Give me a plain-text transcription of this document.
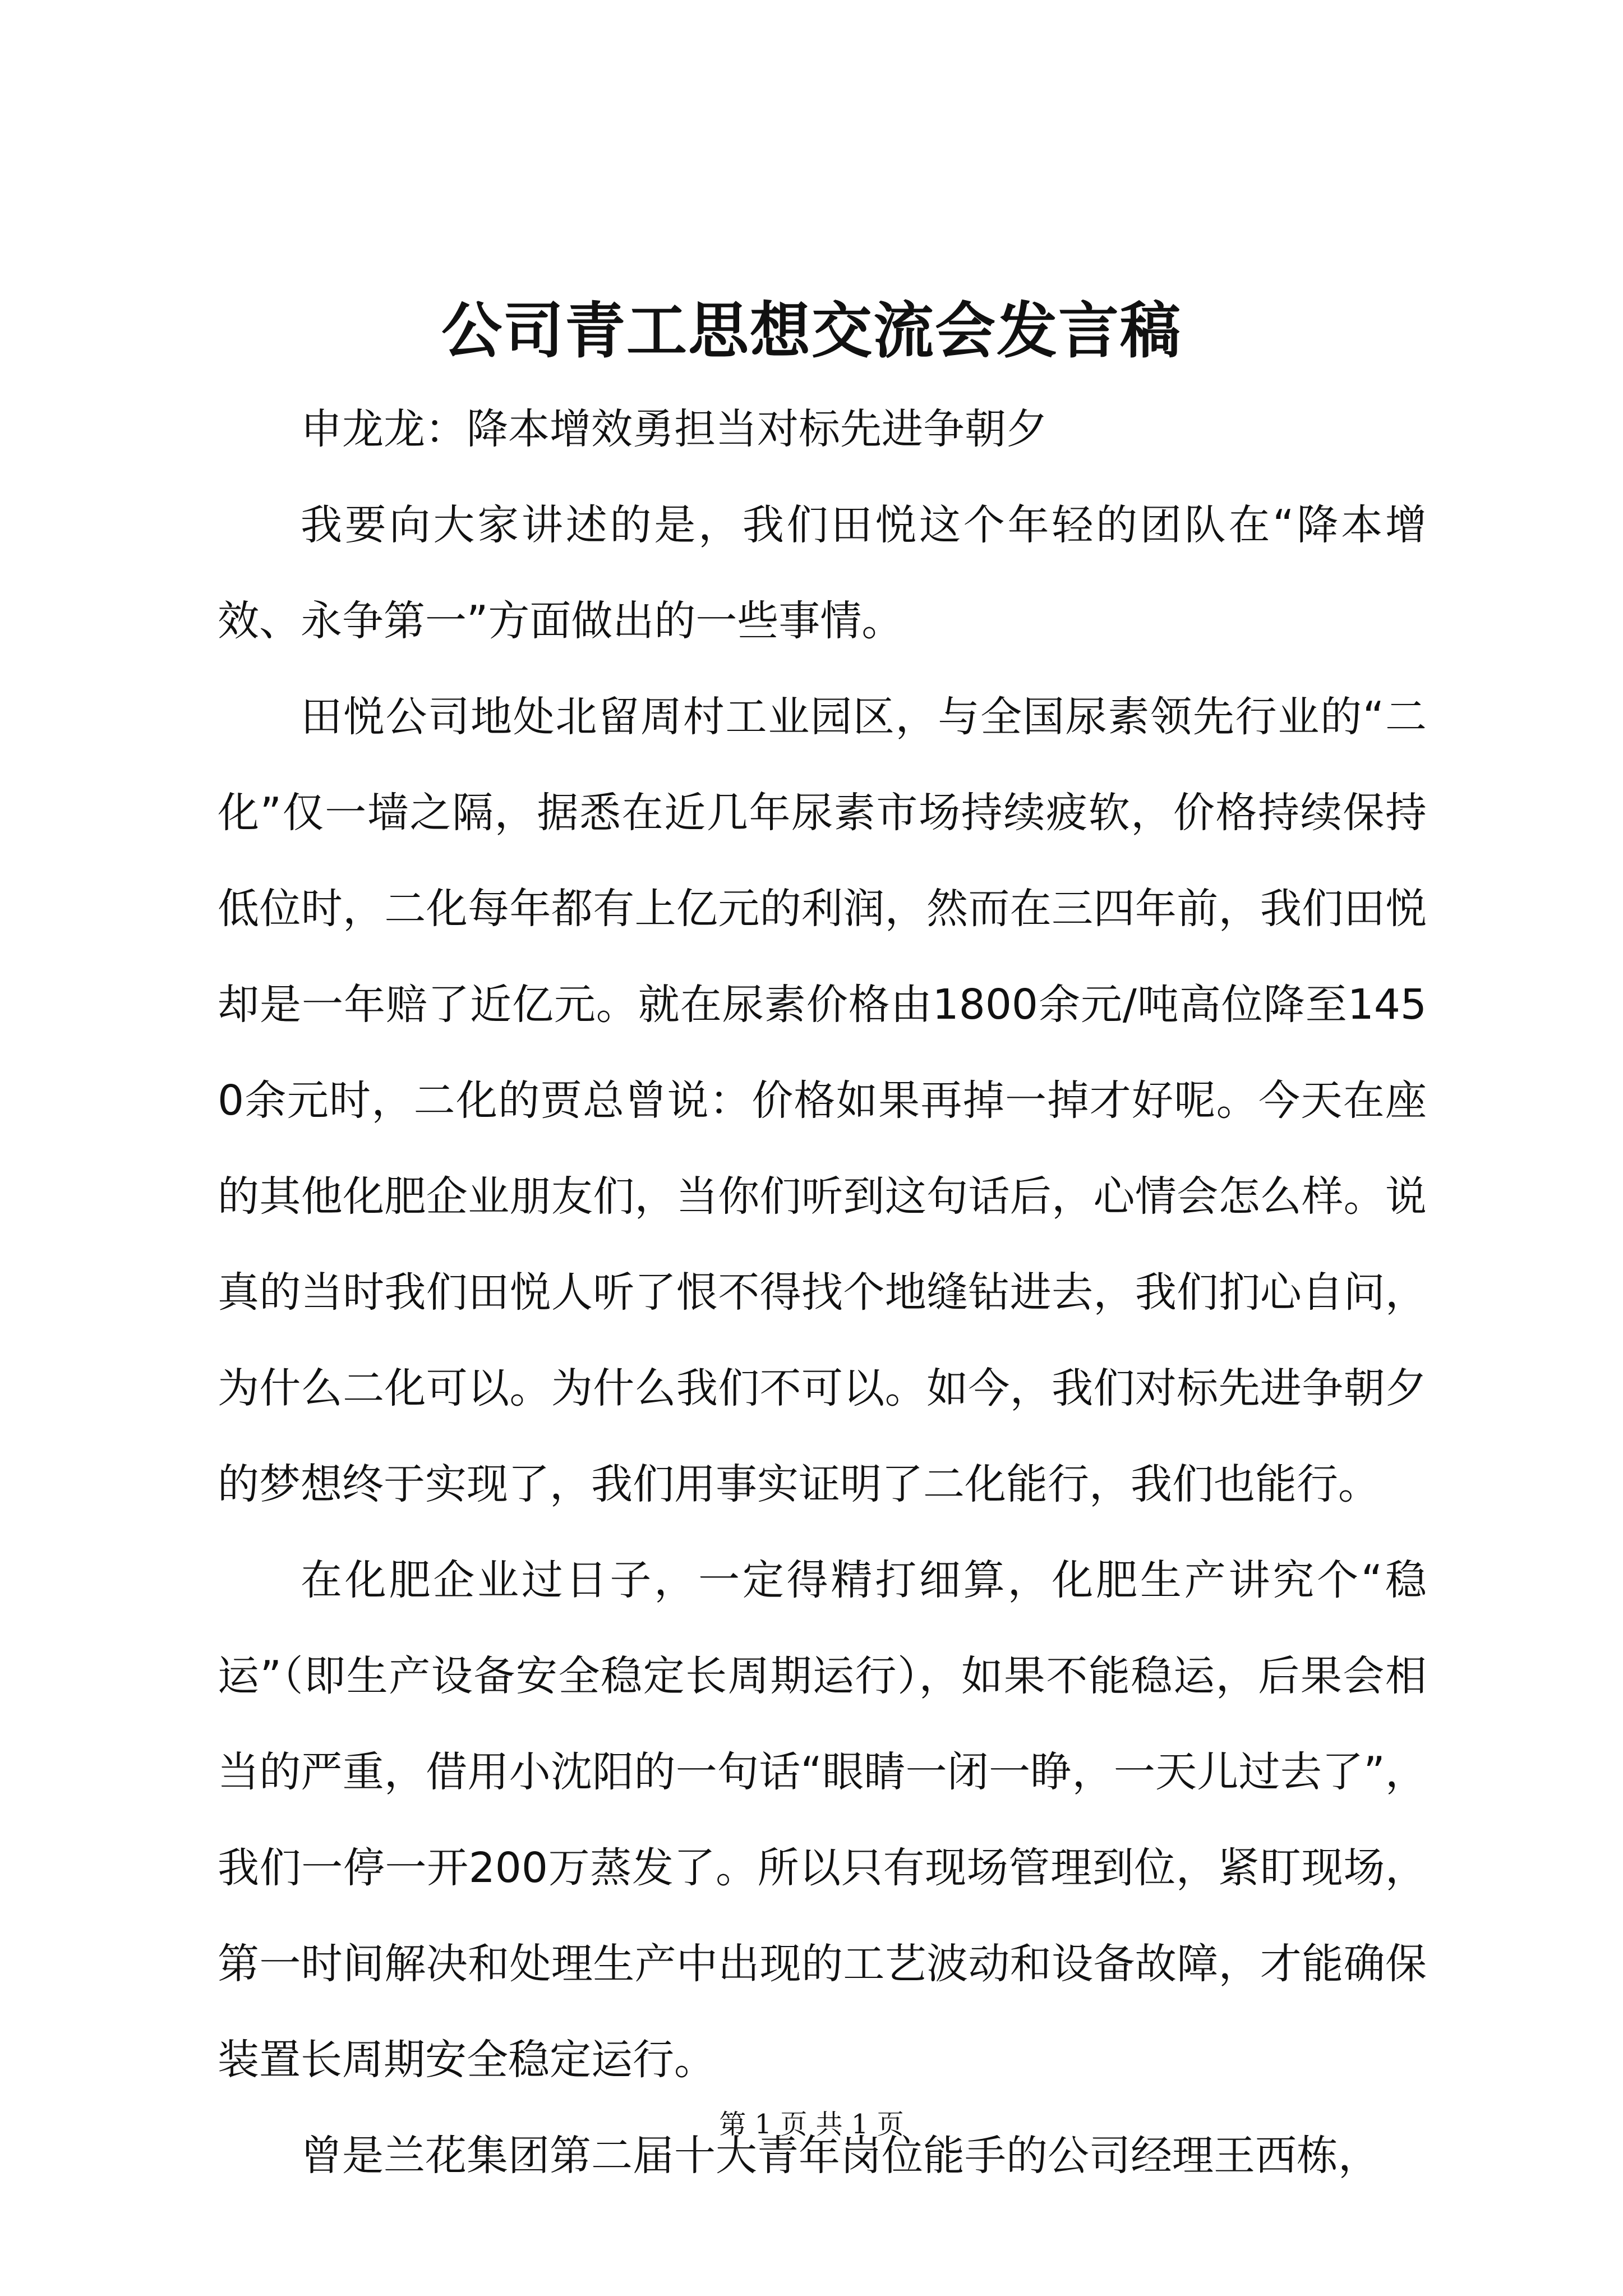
公司青工思想交流会发言稿

申龙龙：降本增效勇担当对标先进争朝夕

我要向大家讲述的是，我们田悦这个年轻的团队在“降本增效、永争第一”方面做出的一些事情。

田悦公司地处北留周村工业园区，与全国尿素领先行业的“二化”仅一墙之隔，据悉在近几年尿素市场持续疲软，价格持续保持低位时，二化每年都有上亿元的利润，然而在三四年前，我们田悦却是一年赔了近亿元。就在尿素价格由1800余元/吨高位降至1450余元时，二化的贾总曾说：价格如果再掉一掉才好呢。今天在座的其他化肥企业朋友们，当你们听到这句话后，心情会怎么样。说真的当时我们田悦人听了恨不得找个地缝钻进去，我们扪心自问，为什么二化可以。为什么我们不可以。如今，我们对标先进争朝夕的梦想终于实现了，我们用事实证明了二化能行，我们也能行。

在化肥企业过日子，一定得精打细算，化肥生产讲究个“稳运”（即生产设备安全稳定长周期运行），如果不能稳运，后果会相当的严重，借用小沈阳的一句话“眼睛一闭一睁，一天儿过去了”，我们一停一开200万蒸发了。所以只有现场管理到位，紧盯现场，第一时间解决和处理生产中出现的工艺波动和设备故障，才能确保装置长周期安全稳定运行。

曾是兰花集团第二届十大青年岗位能手的公司经理王西栋，

第 1 页 共 1 页
